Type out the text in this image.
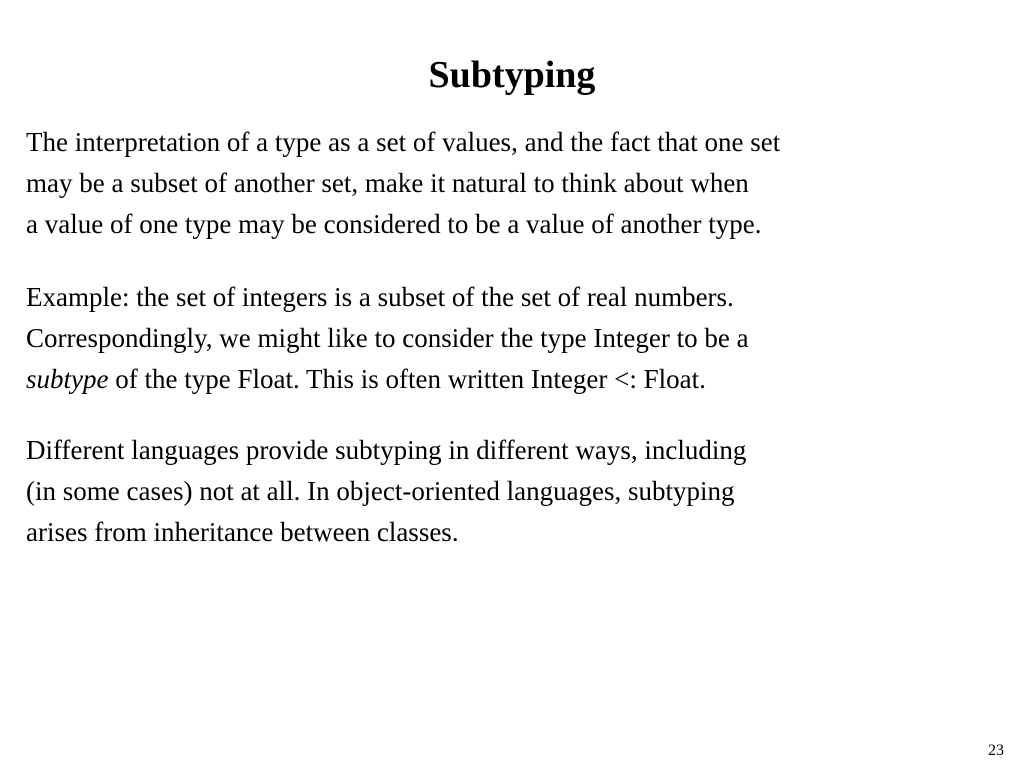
Subtyping

The interpretation of a type as a set of values, and the fact that one set
may be a subset of another set, make it natural to think about when
a value of one type may be considered to be a value of another type.

Example: the set of integers is a subset of the set of real numbers.
Correspondingly, we might like to consider the type Integer to be a
subtype of the type Float. This is often written Integer <: Float.

Different languages provide subtyping in different ways, including
(in some cases) not at all. In object-oriented languages, subtyping
arises from inheritance between classes.

23
